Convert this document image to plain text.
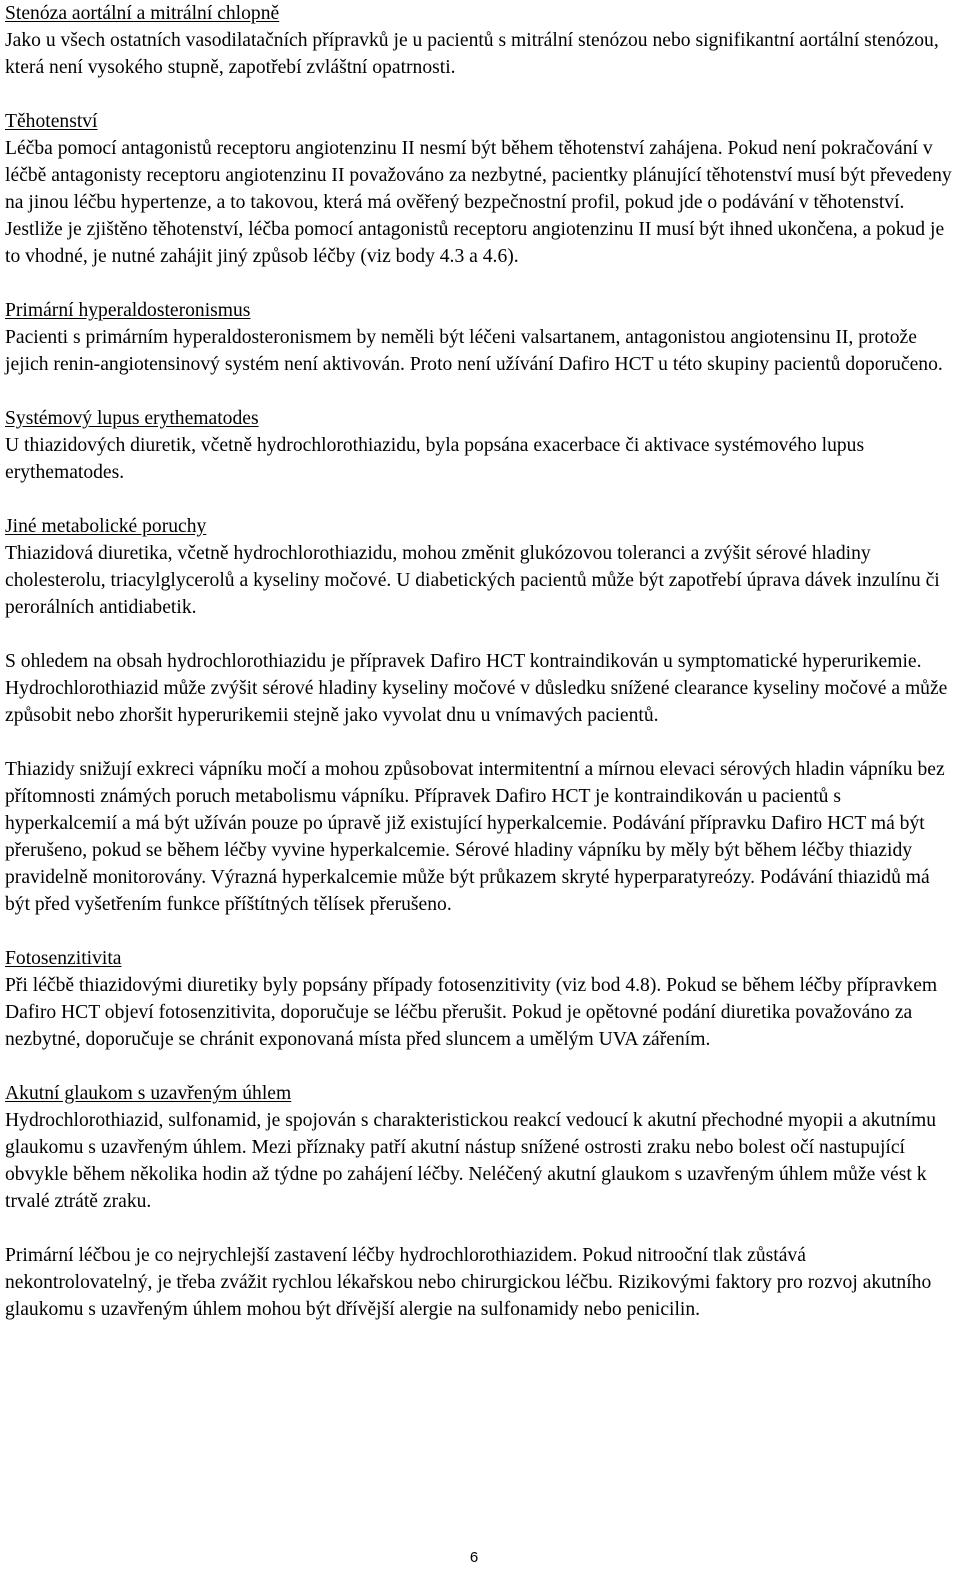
Stenóza aortální a mitrální chlopně

Jako u všech ostatních vasodilatačních přípravků je u pacientů s mitrální stenózou nebo signifikantní aortální stenózou, která není vysokého stupně, zapotřebí zvláštní opatrnosti.

Těhotenství

Léčba pomocí antagonistů receptoru angiotenzinu II nesmí být během těhotenství zahájena. Pokud není pokračování v léčbě antagonisty receptoru angiotenzinu II považováno za nezbytné, pacientky plánující těhotenství musí být převedeny na jinou léčbu hypertenze, a to takovou, která má ověřený bezpečnostní profil, pokud jde o podávání v těhotenství. Jestliže je zjištěno těhotenství, léčba pomocí antagonistů receptoru angiotenzinu II musí být ihned ukončena, a pokud je to vhodné, je nutné zahájit jiný způsob léčby (viz body 4.3 a 4.6).

Primární hyperaldosteronismus

Pacienti s primárním hyperaldosteronismem by neměli být léčeni valsartanem, antagonistou angiotensinu II, protože jejich renin-angiotensinový systém není aktivován. Proto není užívání Dafiro HCT u této skupiny pacientů doporučeno.

Systémový lupus erythematodes

U thiazidových diuretik, včetně hydrochlorothiazidu, byla popsána exacerbace či aktivace systémového lupus erythematodes.

Jiné metabolické poruchy

Thiazidová diuretika, včetně hydrochlorothiazidu, mohou změnit glukózovou toleranci a zvýšit sérové hladiny cholesterolu, triacylglycerolů a kyseliny močové. U diabetických pacientů může být zapotřebí úprava dávek inzulínu či perorálních antidiabetik.

S ohledem na obsah hydrochlorothiazidu je přípravek Dafiro HCT kontraindikován u symptomatické hyperurikemie. Hydrochlorothiazid může zvýšit sérové hladiny kyseliny močové v důsledku snížené clearance kyseliny močové a může způsobit nebo zhoršit hyperurikemii stejně jako vyvolat dnu u vnímavých pacientů.

Thiazidy snižují exkreci vápníku močí a mohou způsobovat intermitentní a mírnou elevaci sérových hladin vápníku bez přítomnosti známých poruch metabolismu vápníku. Přípravek Dafiro HCT je kontraindikován u pacientů s hyperkalcemií a má být užíván pouze po úpravě již existující hyperkalcemie. Podávání přípravku Dafiro HCT má být přerušeno, pokud se během léčby vyvine hyperkalcemie. Sérové hladiny vápníku by měly být během léčby thiazidy pravidelně monitorovány. Výrazná hyperkalcemie může být průkazem skryté hyperparatyreózy. Podávání thiazidů má být před vyšetřením funkce příštítných tělísek přerušeno.

Fotosenzitivita

Při léčbě thiazidovými diuretiky byly popsány případy fotosenzitivity (viz bod 4.8). Pokud se během léčby přípravkem Dafiro HCT objeví fotosenzitivita, doporučuje se léčbu přerušit. Pokud je opětovné podání diuretika považováno za nezbytné, doporučuje se chránit exponovaná místa před sluncem a umělým UVA zářením.

Akutní glaukom s uzavřeným úhlem

Hydrochlorothiazid, sulfonamid, je spojován s charakteristickou reakcí vedoucí k akutní přechodné myopii a akutnímu glaukomu s uzavřeným úhlem. Mezi příznaky patří akutní nástup snížené ostrosti zraku nebo bolest očí nastupující obvykle během několika hodin až týdne po zahájení léčby. Neléčený akutní glaukom s uzavřeným úhlem může vést k trvalé ztrátě zraku.

Primární léčbou je co nejrychlejší zastavení léčby hydrochlorothiazidem. Pokud nitrooční tlak zůstává nekontrolovatelný, je třeba zvážit rychlou lékařskou nebo chirurgickou léčbu. Rizikovými faktory pro rozvoj akutního glaukomu s uzavřeným úhlem mohou být dřívější alergie na sulfonamidy nebo penicilin.

6
